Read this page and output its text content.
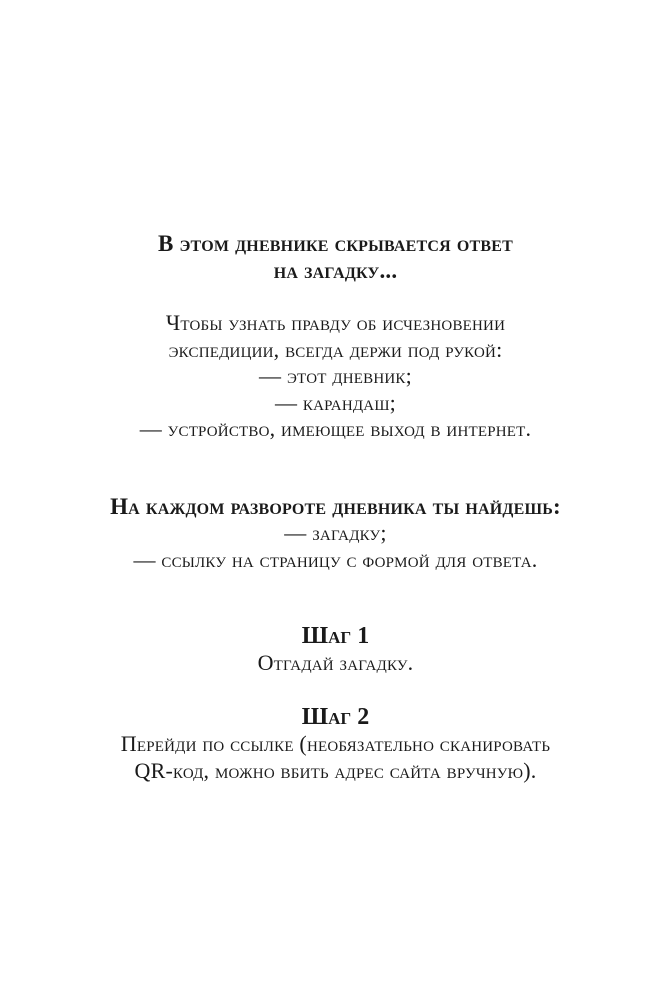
В этом дневнике скрывается ответ
на загадку...
Чтобы узнать правду об исчезновении
экспедиции, всегда держи под рукой:
— этот дневник;
— карандаш;
— устройство, имеющее выход в интернет.
На каждом развороте дневника ты найдешь:
— загадку;
— ссылку на страницу с формой для ответа.
Шаг 1
Отгадай загадку.
Шаг 2
Перейди по ссылке (необязательно сканировать
QR-код, можно вбить адрес сайта вручную).
